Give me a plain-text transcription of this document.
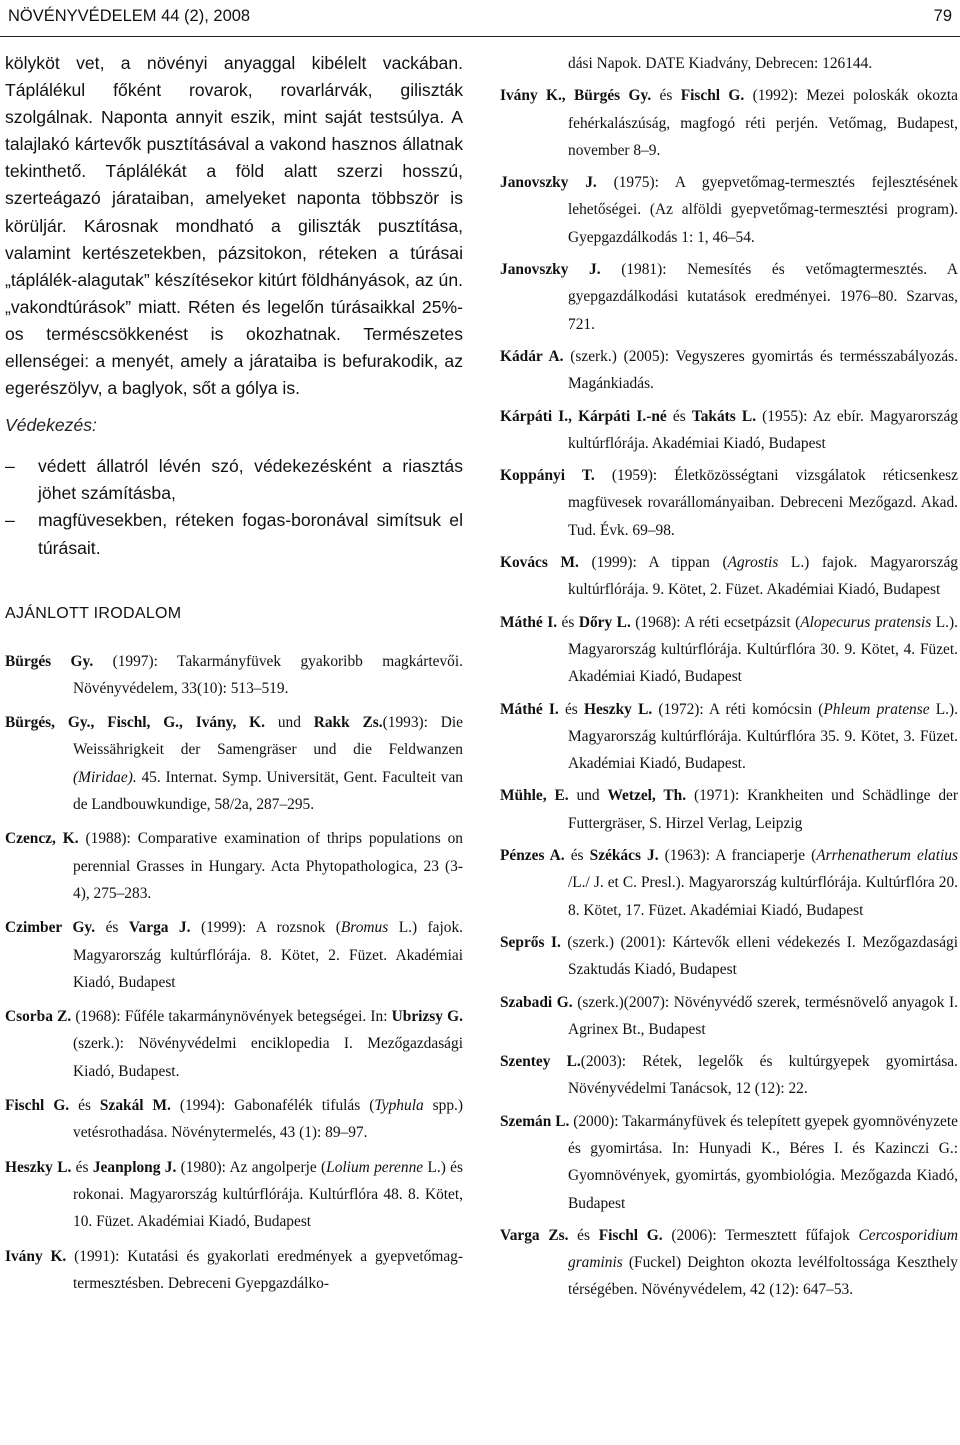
NÖVÉNYVÉDELEM 44 (2), 2008	79

kölyköt vet, a növényi anyaggal kibélelt vackában. Táplálékul főként rovarok, rovarlárvák, giliszták szolgálnak. Naponta annyit eszik, mint saját testsúlya. A talajlakó kártevők pusztításával a vakond hasznos állatnak tekinthető. Táplálékát a föld alatt szerzi hosszú, szerteágazó járataiban, amelyeket naponta többször is körüljár. Károsnak mondható a giliszták pusztítása, valamint kertészetekben, pázsitokon, réteken a túrásai „táplálék-alagutak” készítésekor kitúrt földhányások, az ún. „vakondtúrások” miatt. Réten és legelőn túrásaikkal 25%-os terméscsökkenést is okozhatnak. Természetes ellenségei: a menyét, amely a járataiba is befurakodik, az egerészölyv, a baglyok, sőt a gólya is.

Védekezés:
–	védett állatról lévén szó, védekezésként a riasztás jöhet számításba,
–	magfüvesekben, réteken fogas-boronával simítsuk el túrásait.
AJÁNLOTT IRODALOM

Bürgés Gy. (1997): Takarmányfüvek gyakoribb magkártevői. Növényvédelem, 33(10): 513–519.

Bürgés, Gy., Fischl, G., Ivány, K. und Rakk Zs.(1993): Die Weissährigkeit der Samengräser und die Feldwanzen (Miridae). 45. Internat. Symp. Universität, Gent. Faculteit van de Landbouwkundige, 58/2a, 287–295.

Czencz, K. (1988): Comparative examination of thrips populations on perennial Grasses in Hungary. Acta Phytopathologica, 23 (3-4), 275–283.

Czimber Gy. és Varga J. (1999): A rozsnok (Bromus L.) fajok. Magyarország kultúrflórája. 8. Kötet, 2. Füzet. Akadémiai Kiadó, Budapest

Csorba Z. (1968): Fűféle takarmánynövények betegségei. In: Ubrizsy G. (szerk.): Növényvédelmi enciklopedia I. Mezőgazdasági Kiadó, Budapest.

Fischl G. és Szakál M. (1994): Gabonafélék tifulás (Typhula spp.) vetésrothadása. Növénytermelés, 43 (1): 89–97.

Heszky L. és Jeanplong J. (1980): Az angolperje (Lolium perenne L.) és rokonai. Magyarország kultúrflórája. Kultúrflóra 48. 8. Kötet, 10. Füzet. Akadémiai Kiadó, Budapest

Ivány K. (1991): Kutatási és gyakorlati eredmények a gyepvetőmag-termesztésben. Debreceni Gyepgazdálko-

dási Napok. DATE Kiadvány, Debrecen: 126144.

Ivány K., Bürgés Gy. és Fischl G. (1992): Mezei poloskák okozta fehérkalászúság, magfogó réti perjén. Vetőmag, Budapest, november 8–9.

Janovszky J. (1975): A gyepvetőmag-termesztés fejlesztésének lehetőségei. (Az alföldi gyepvetőmag-termesztési program). Gyepgazdálkodás 1: 1, 46–54.

Janovszky J. (1981): Nemesítés és vetőmagtermesztés. A gyepgazdálkodási kutatások eredményei. 1976–80. Szarvas, 721.

Kádár A. (szerk.) (2005): Vegyszeres gyomirtás és termésszabályozás. Magánkiadás.

Kárpáti I., Kárpáti I.-né és Takáts L. (1955): Az ebír. Magyarország kultúrflórája. Akadémiai Kiadó, Budapest

Koppányi T. (1959): Életközösségtani vizsgálatok réticsenkesz magfüvesek rovarállományaiban. Debreceni Mezőgazd. Akad. Tud. Évk. 69–98.

Kovács M. (1999): A tippan (Agrostis L.) fajok. Magyarország kultúrflórája. 9. Kötet, 2. Füzet. Akadémiai Kiadó, Budapest

Máthé I. és Dőry L. (1968): A réti ecsetpázsit (Alopecurus pratensis L.). Magyarország kultúrflórája. Kultúrflóra 30. 9. Kötet, 4. Füzet. Akadémiai Kiadó, Budapest

Máthé I. és Heszky L. (1972): A réti komócsin (Phleum pratense L.). Magyarország kultúrflórája. Kultúrflóra 35. 9. Kötet, 3. Füzet. Akadémiai Kiadó, Budapest.

Mühle, E. und Wetzel, Th. (1971): Krankheiten und Schädlinge der Futtergräser, S. Hirzel Verlag, Leipzig

Pénzes A. és Székács J. (1963): A franciaperje (Arrhenatherum elatius /L./ J. et C. Presl.). Magyarország kultúrflórája. Kultúrflóra 20. 8. Kötet, 17. Füzet. Akadémiai Kiadó, Budapest

Seprős I. (szerk.) (2001): Kártevők elleni védekezés I. Mezőgazdasági Szaktudás Kiadó, Budapest

Szabadi G. (szerk.)(2007): Növényvédő szerek, termésnövelő anyagok I. Agrinex Bt., Budapest

Szentey L.(2003): Rétek, legelők és kultúrgyepek gyomirtása. Növényvédelmi Tanácsok, 12 (12): 22.

Szemán L. (2000): Takarmányfüvek és telepített gyepek gyomnövényzete és gyomirtása. In: Hunyadi K., Béres I. és Kazinczi G.: Gyomnövények, gyomirtás, gyombiológia. Mezőgazda Kiadó, Budapest

Varga Zs. és Fischl G. (2006): Termesztett fűfajok Cercosporidium graminis (Fuckel) Deighton okozta levélfoltossága Keszthely térségében. Növényvédelem, 42 (12): 647–53.
